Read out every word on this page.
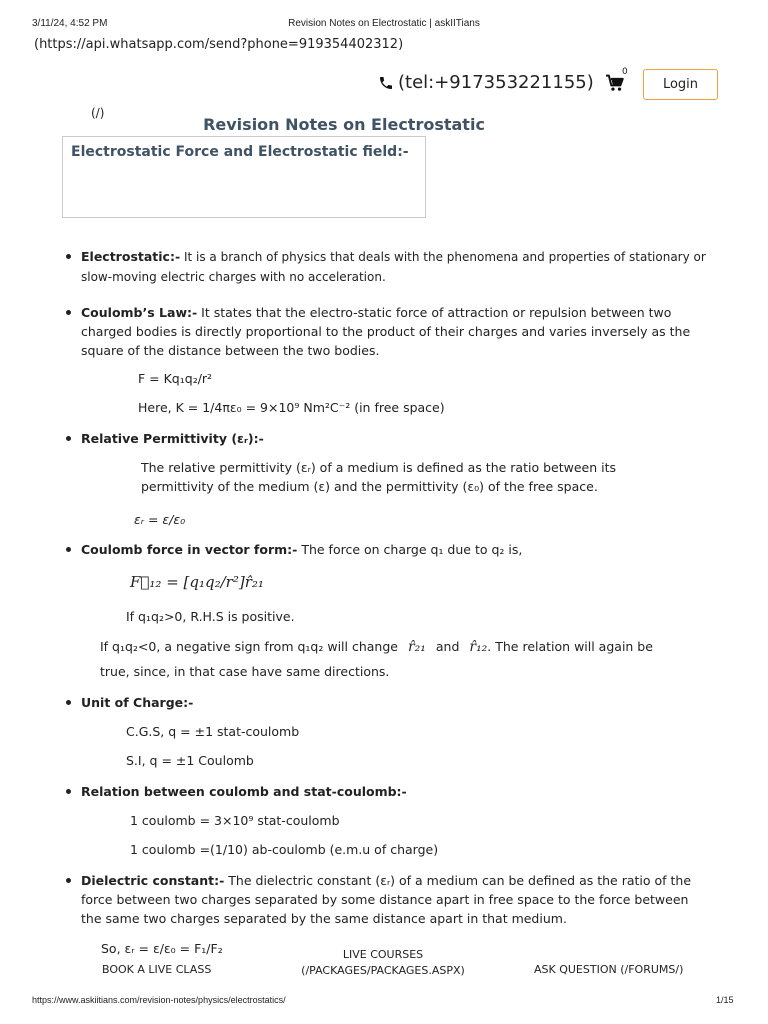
3/11/24, 4:52 PM	Revision Notes on Electrostatic | askIITians
(https://api.whatsapp.com/send?phone=919354402312)
(tel:+917353221155)	0
Login
(/)
Revision Notes on Electrostatic
Electrostatic Force and Electrostatic field:-
Electrostatic:- It is a branch of physics that deals with the phenomena and properties of stationary or slow-moving electric charges with no acceleration.
Coulomb’s Law:- It states that the electro-static force of attraction or repulsion between two charged bodies is directly proportional to the product of their charges and varies inversely as the square of the distance between the two bodies.
F = Kq₁q₂/r²
Here, K = 1/4πε₀ = 9×10⁹ Nm²C⁻² (in free space)
Relative Permittivity (εᵣ):-
The relative permittivity (εᵣ) of a medium is defined as the ratio between its permittivity of the medium (ε) and the permittivity (ε₀) of the free space.
εᵣ = ε/ε₀
Coulomb force in vector form:- The force on charge q₁ due to q₂ is,
F⃗₁₂ = [q₁q₂/r²]r̂₂₁
If q₁q₂>0, R.H.S is positive.
If q₁q₂<0, a negative sign from q₁q₂ will change r̂₂₁ and r̂₁₂. The relation will again be
true, since, in that case have same directions.
Unit of Charge:-
C.G.S, q = ±1 stat-coulomb
S.I, q = ±1 Coulomb
Relation between coulomb and stat-coulomb:-
1 coulomb = 3×10⁹ stat-coulomb
1 coulomb =(1/10) ab-coulomb (e.m.u of charge)
Dielectric constant:- The dielectric constant (εᵣ) of a medium can be defined as the ratio of the force between two charges separated by some distance apart in free space to the force between the same two charges separated by the same distance apart in that medium.
So, εᵣ = ε/ε₀ = F₁/F₂
BOOK A LIVE CLASS
LIVE COURSES
(/PACKAGES/PACKAGES.ASPX)	ASK QUESTION (/FORUMS/)
https://www.askiitians.com/revision-notes/physics/electrostatics/	1/15
